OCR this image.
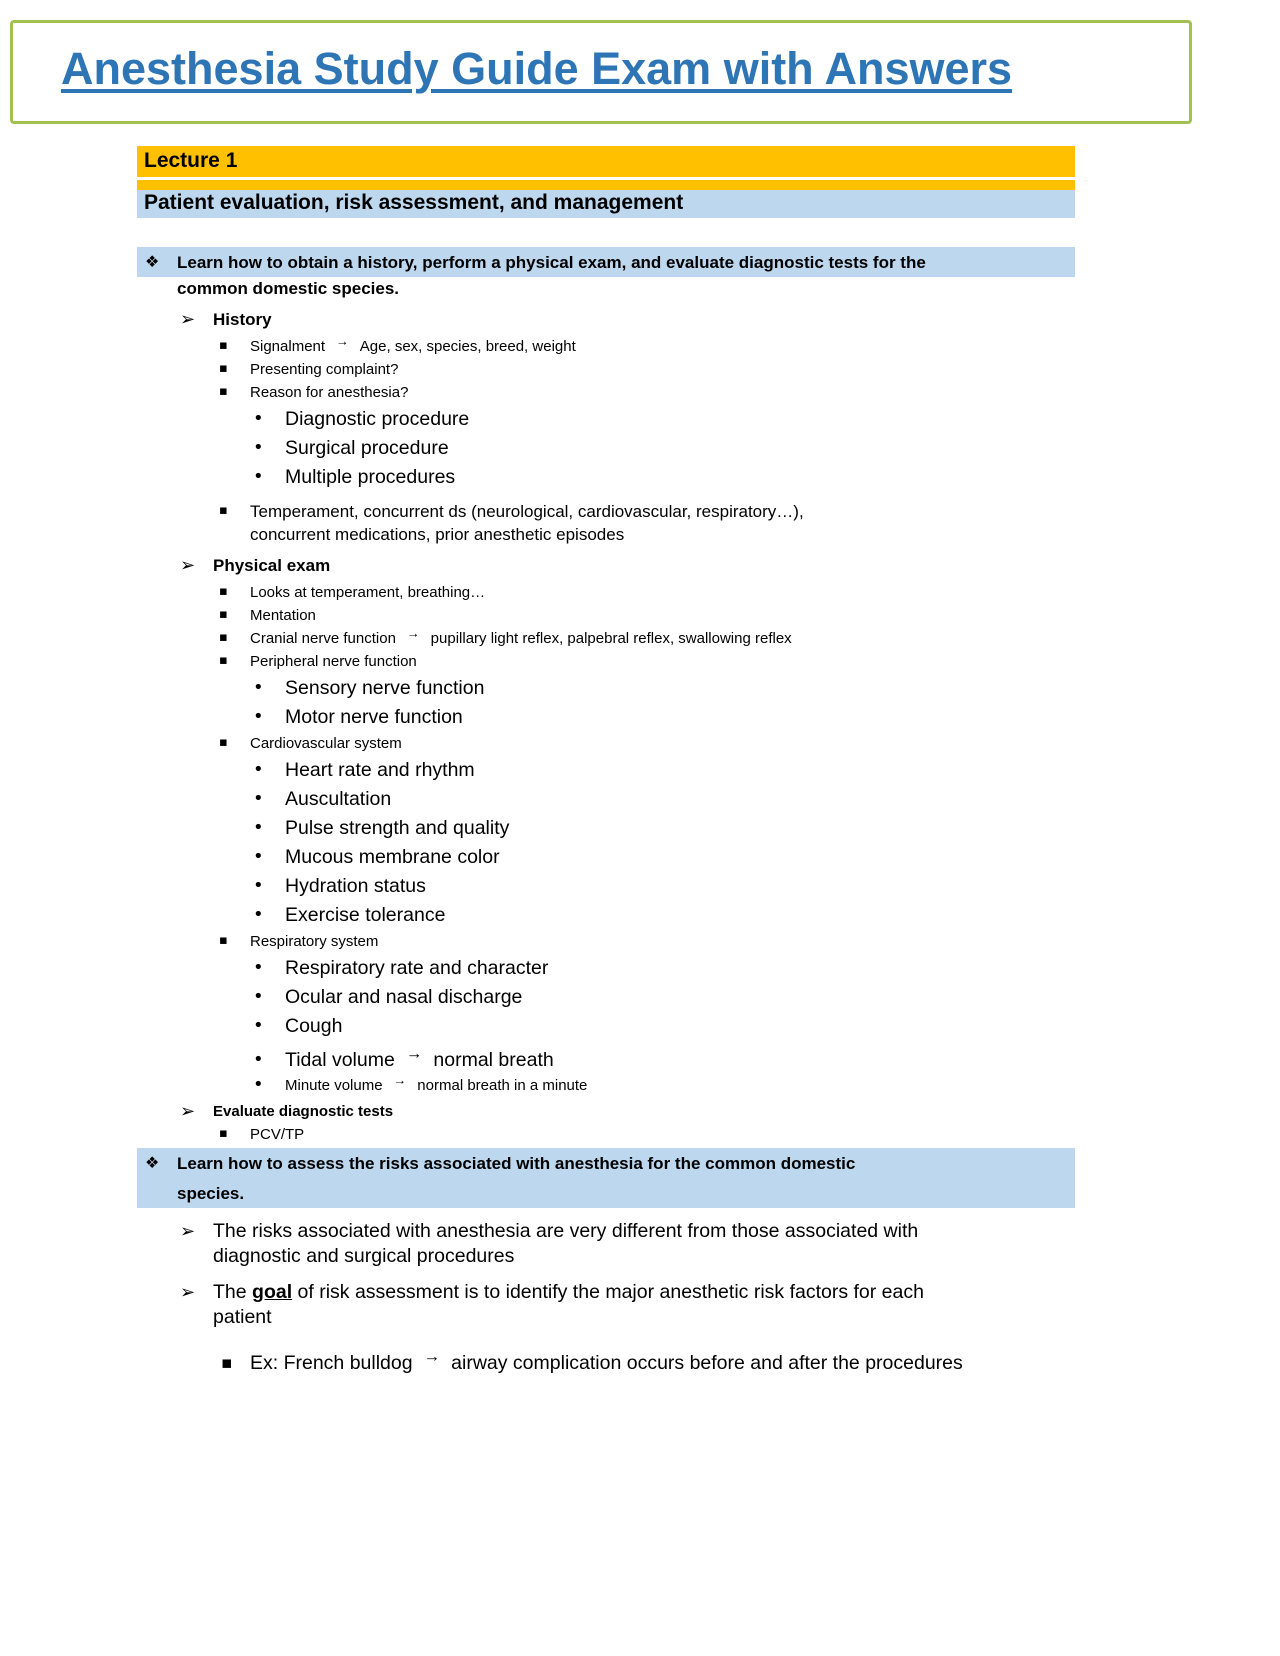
Anesthesia Study Guide Exam with Answers
Lecture 1
Patient evaluation, risk assessment, and management
❖ Learn how to obtain a history, perform a physical exam, and evaluate diagnostic tests for the
common domestic species.
➢ History
▪ Signalment → Age, sex, species, breed, weight
▪ Presenting complaint?
▪ Reason for anesthesia?
• Diagnostic procedure
• Surgical procedure
• Multiple procedures
▪ Temperament, concurrent ds (neurological, cardiovascular, respiratory…),
concurrent medications, prior anesthetic episodes
➢ Physical exam
▪ Looks at temperament, breathing…
▪ Mentation
▪ Cranial nerve function → pupillary light reflex, palpebral reflex, swallowing reflex
▪ Peripheral nerve function
• Sensory nerve function
• Motor nerve function
▪ Cardiovascular system
• Heart rate and rhythm
• Auscultation
• Pulse strength and quality
• Mucous membrane color
• Hydration status
• Exercise tolerance
▪ Respiratory system
• Respiratory rate and character
• Ocular and nasal discharge
• Cough
• Tidal volume → normal breath
• Minute volume → normal breath in a minute
➢ Evaluate diagnostic tests
▪ PCV/TP
❖ Learn how to assess the risks associated with anesthesia for the common domestic
species.
➢ The risks associated with anesthesia are very different from those associated with
diagnostic and surgical procedures
➢ The goal of risk assessment is to identify the major anesthetic risk factors for each
patient
▪ Ex: French bulldog → airway complication occurs before and after the procedures
